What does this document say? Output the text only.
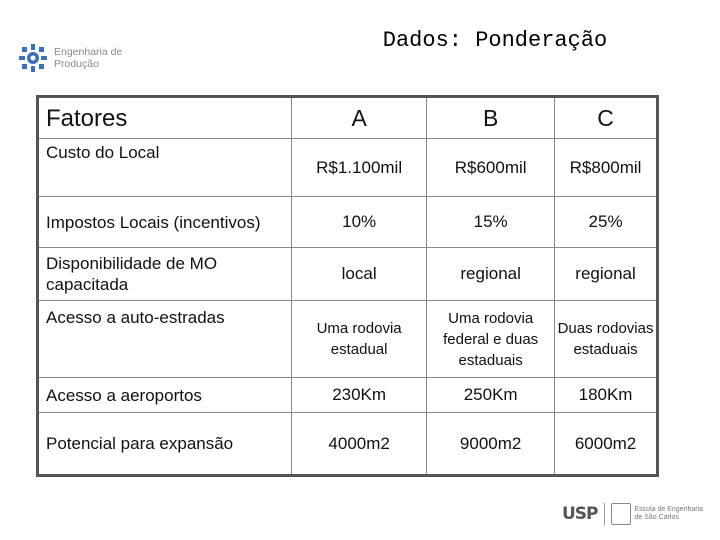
Engenharia de
Produção
Dados: Ponderação
Fatores	A	B	C
Custo do Local	R$1.100mil	R$600mil	R$800mil
Impostos Locais (incentivos)	10%	15%	25%
Disponibilidade de MO capacitada	local	regional	regional
Acesso a auto-estradas	Uma rodovia estadual	Uma rodovia federal e duas estaduais	Duas rodovias estaduais
Acesso a aeroportos	230Km	250Km	180Km
Potencial para expansão	4000m2	9000m2	6000m2
USP	Escola de Engenharia
de São Carlos
